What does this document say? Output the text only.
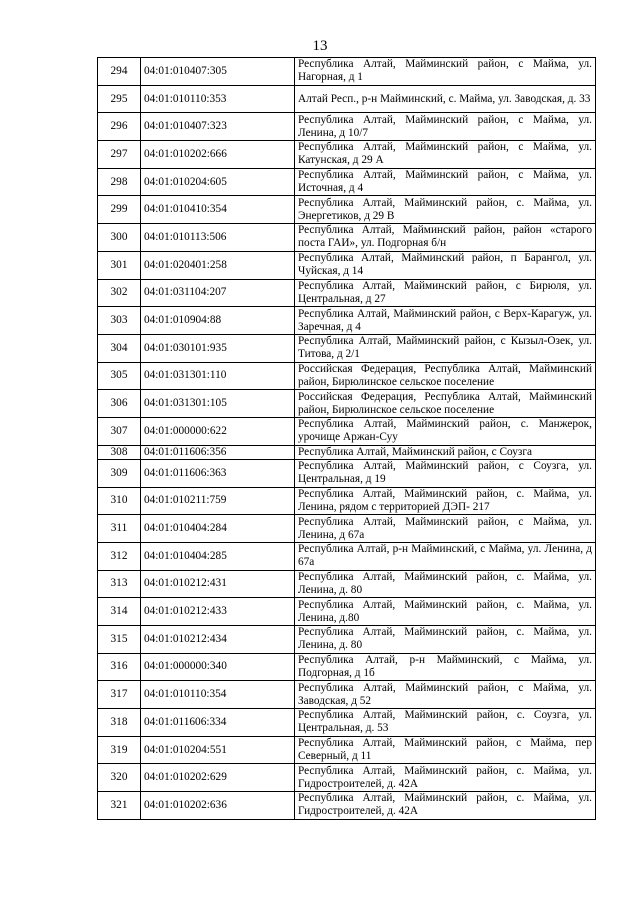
13
294	04:01:010407:305	Республика Алтай, Майминский район, с Майма, ул. Нагорная, д 1
295	04:01:010110:353	Алтай Респ., р-н Майминский, с. Майма, ул. Заводская, д. 33
296	04:01:010407:323	Республика Алтай, Майминский район, с Майма, ул. Ленина, д 10/7
297	04:01:010202:666	Республика Алтай, Майминский район, с Майма, ул. Катунская, д 29 А
298	04:01:010204:605	Республика Алтай, Майминский район, с Майма, ул. Источная, д 4
299	04:01:010410:354	Республика Алтай, Майминский район, с. Майма, ул. Энергетиков, д 29 В
300	04:01:010113:506	Республика Алтай, Майминский район, район «старого поста ГАИ», ул. Подгорная б/н
301	04:01:020401:258	Республика Алтай, Майминский район, п Барангол, ул. Чуйская, д 14
302	04:01:031104:207	Республика Алтай, Майминский район, с Бирюля, ул. Центральная, д 27
303	04:01:010904:88	Республика Алтай, Майминский район, с Верх-Карагуж, ул. Заречная, д 4
304	04:01:030101:935	Республика Алтай, Майминский район, с Кызыл-Озек, ул. Титова, д 2/1
305	04:01:031301:110	Российская Федерация, Республика Алтай, Майминский район, Бирюлинское сельское поселение
306	04:01:031301:105	Российская Федерация, Республика Алтай, Майминский район, Бирюлинское сельское поселение
307	04:01:000000:622	Республика Алтай, Майминский район, с. Манжерок, урочище Аржан-Суу
308	04:01:011606:356	Республика Алтай, Майминский район, с Соузга
309	04:01:011606:363	Республика Алтай, Майминский район, с Соузга, ул. Центральная, д 19
310	04:01:010211:759	Республика Алтай, Майминский район, с. Майма, ул. Ленина, рядом с территорией ДЭП- 217
311	04:01:010404:284	Республика Алтай, Майминский район, с Майма, ул. Ленина, д 67а
312	04:01:010404:285	Республика Алтай, р-н Майминский, с Майма, ул. Ленина, д 67а
313	04:01:010212:431	Республика Алтай, Майминский район, с. Майма, ул. Ленина, д. 80
314	04:01:010212:433	Республика Алтай, Майминский район, с. Майма, ул. Ленина, д.80
315	04:01:010212:434	Республика Алтай, Майминский район, с. Майма, ул. Ленина, д. 80
316	04:01:000000:340	Республика Алтай, р-н Майминский, с Майма, ул. Подгорная, д 1б
317	04:01:010110:354	Республика Алтай, Майминский район, с Майма, ул. Заводская, д 52
318	04:01:011606:334	Республика Алтай, Майминский район, с. Соузга, ул. Центральная, д. 53
319	04:01:010204:551	Республика Алтай, Майминский район, с Майма, пер Северный, д 11
320	04:01:010202:629	Республика Алтай, Майминский район, с. Майма, ул. Гидростроителей, д. 42А
321	04:01:010202:636	Республика Алтай, Майминский район, с. Майма, ул. Гидростроителей, д. 42А
